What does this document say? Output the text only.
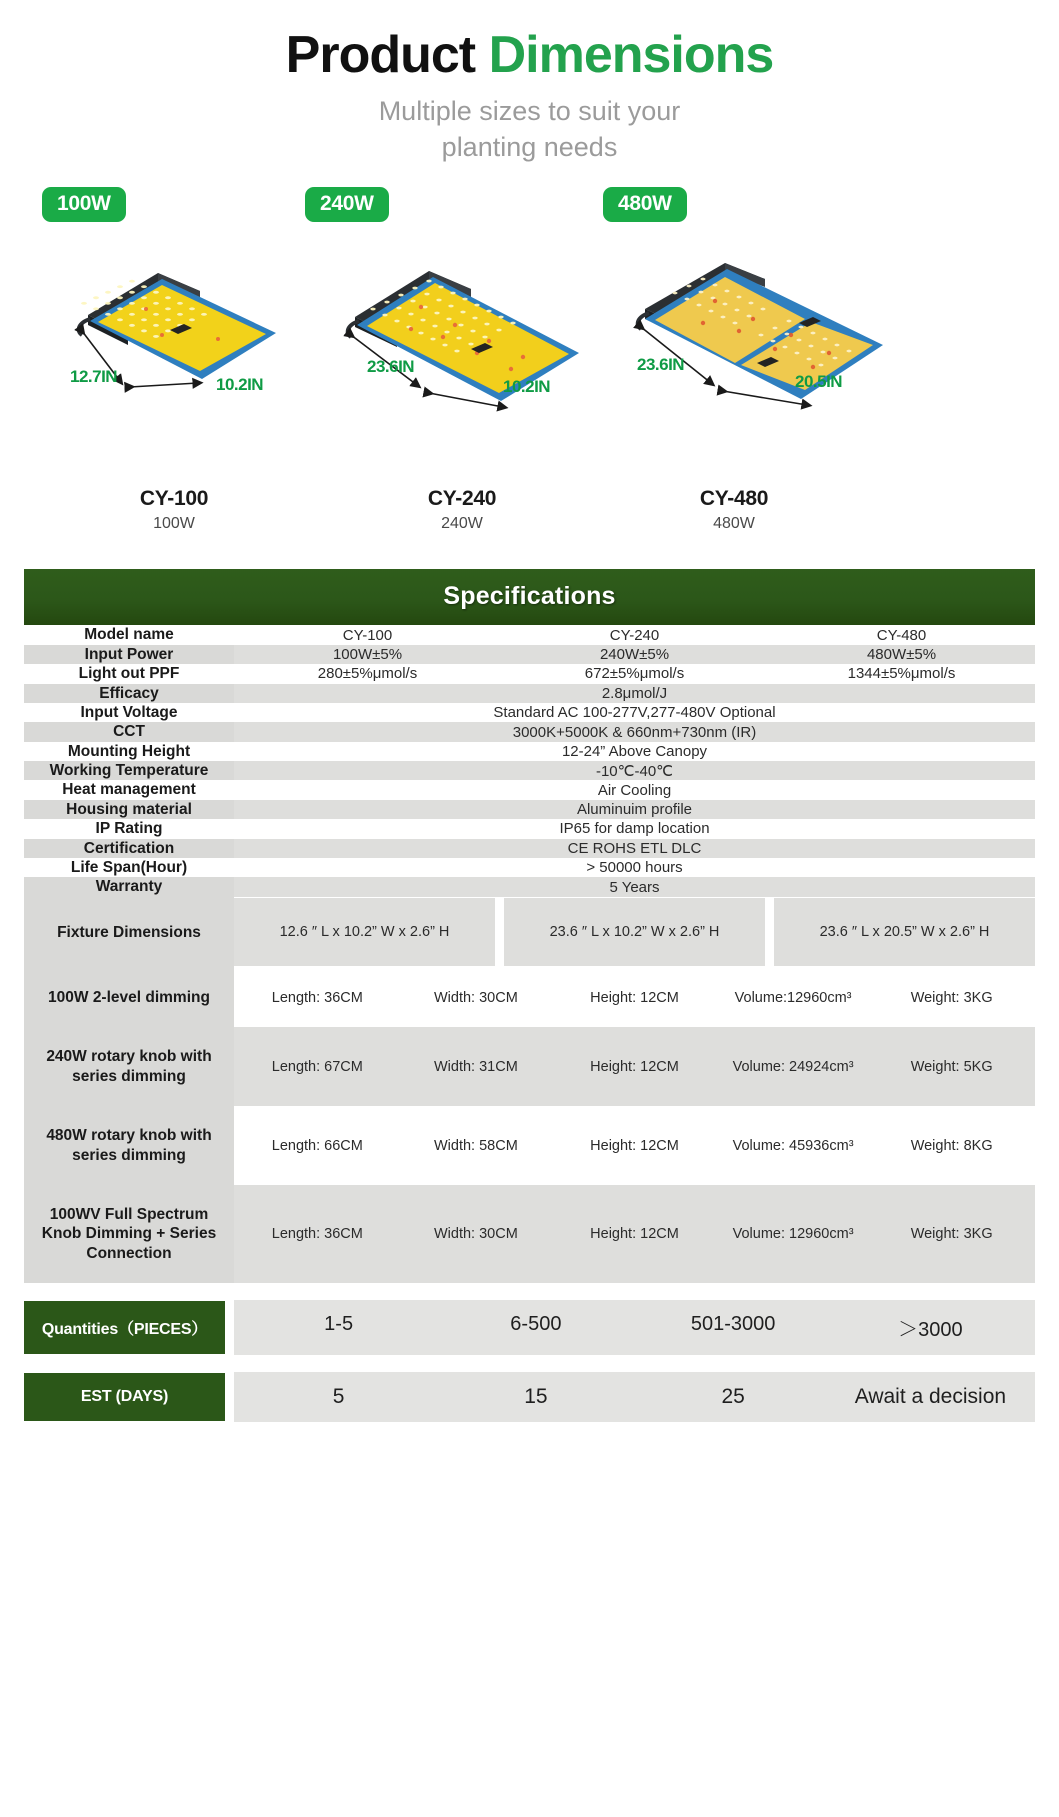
Product Dimensions
Multiple sizes to suit your
planting needs
100W
12.7IN	10.2IN
240W
23.6IN
10.2IN
480W
23.6IN
20.5IN
CY-100
100W
CY-240
240W
CY-480
480W
Specifications
Model name	CY-100 CY-240 CY-480

Input Power	100W±5% 240W±5% 480W±5%

Light out PPF	280±5%μmol/s 672±5%μmol/s 1344±5%μmol/s

Efficacy	2.8μmol/J
Input Voltage	Standard AC 100-277V,277-480V Optional
CCT	3000K+5000K & 660nm+730nm (IR)
Mounting Height	12-24” Above Canopy
Working Temperature	-10℃-40℃
Heat management	Air Cooling
Housing material	Aluminuim profile
IP Rating	IP65 for damp location
Certification	CE ROHS ETL DLC
Life Span(Hour)	> 50000 hours
Warranty	5 Years
Fixture Dimensions	12.6 ″ L x 10.2” W x 2.6” H 23.6 ″ L x 10.2” W x 2.6” H 23.6 ″ L x 20.5” W x 2.6” H

100W 2-level dimming	Length: 36CM Width: 30CM Height: 12CM Volume:12960cm³ Weight: 3KG

240W rotary knob with series dimming	Length: 67CM Width: 31CM Height: 12CM Volume: 24924cm³ Weight: 5KG

480W rotary knob with series dimming	Length: 66CM Width: 58CM Height: 12CM Volume: 45936cm³ Weight: 8KG

100WV Full Spectrum Knob Dimming + Series Connection	Length: 36CM Width: 30CM Height: 12CM Volume: 12960cm³ Weight: 3KG

Quantities（PIECES）	1-5 6-500 501-3000 ＞3000

EST (DAYS)	5 15 25 Await a decision
